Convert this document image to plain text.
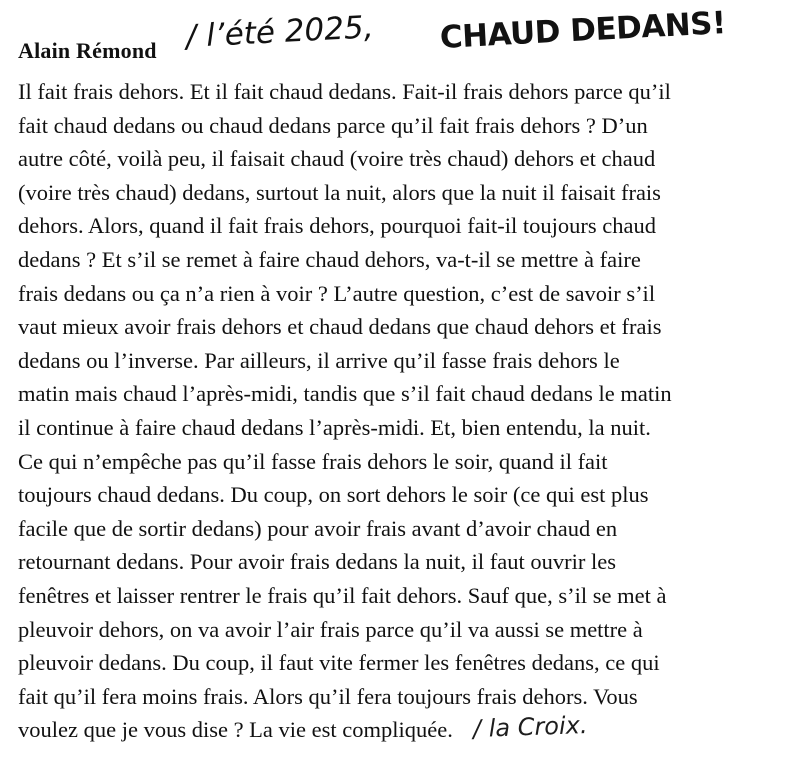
Alain Rémond / l’été 2025, CHAUD DEDANS!
Il fait frais dehors. Et il fait chaud dedans. Fait-il frais dehors parce qu’il
fait chaud dedans ou chaud dedans parce qu’il fait frais dehors ? D’un
autre côté, voilà peu, il faisait chaud (voire très chaud) dehors et chaud
(voire très chaud) dedans, surtout la nuit, alors que la nuit il faisait frais
dehors. Alors, quand il fait frais dehors, pourquoi fait-il toujours chaud
dedans ? Et s’il se remet à faire chaud dehors, va-t-il se mettre à faire
frais dedans ou ça n’a rien à voir ? L’autre question, c’est de savoir s’il
vaut mieux avoir frais dehors et chaud dedans que chaud dehors et frais
dedans ou l’inverse. Par ailleurs, il arrive qu’il fasse frais dehors le
matin mais chaud l’après-midi, tandis que s’il fait chaud dedans le matin
il continue à faire chaud dedans l’après-midi. Et, bien entendu, la nuit.
Ce qui n’empêche pas qu’il fasse frais dehors le soir, quand il fait
toujours chaud dedans. Du coup, on sort dehors le soir (ce qui est plus
facile que de sortir dedans) pour avoir frais avant d’avoir chaud en
retournant dedans. Pour avoir frais dedans la nuit, il faut ouvrir les
fenêtres et laisser rentrer le frais qu’il fait dehors. Sauf que, s’il se met à
pleuvoir dehors, on va avoir l’air frais parce qu’il va aussi se mettre à
pleuvoir dedans. Du coup, il faut vite fermer les fenêtres dedans, ce qui
fait qu’il fera moins frais. Alors qu’il fera toujours frais dehors. Vous
voulez que je vous dise ? La vie est compliquée. / la Croix.
